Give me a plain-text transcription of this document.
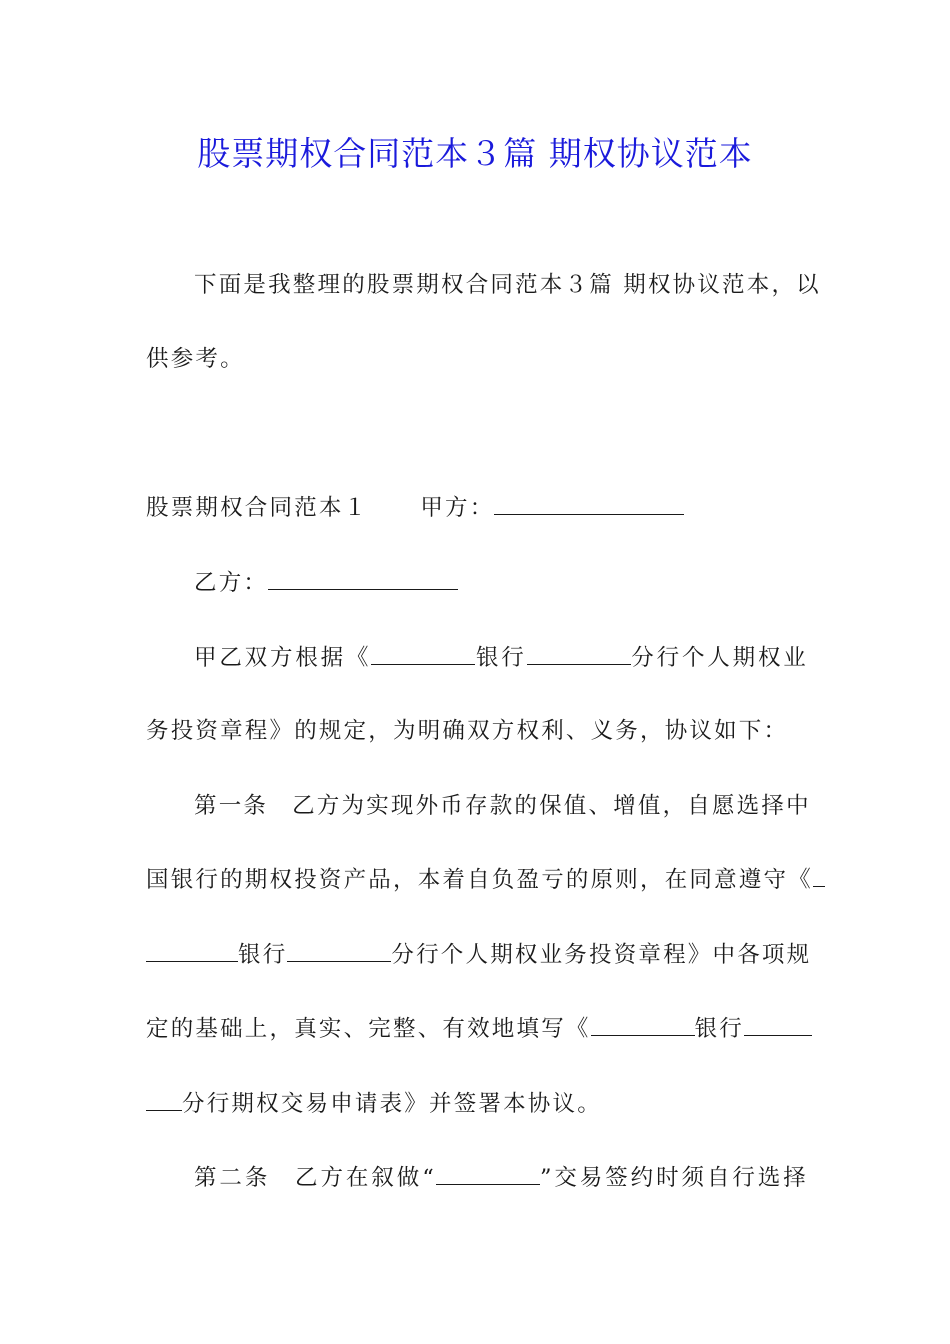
股票期权合同范本３篇 期权协议范本

下面是我整理的股票期权合同范本３篇 期权协议范本，以

供参考。

股票期权合同范本１ 甲方：

乙方：

甲乙双方根据《	银行	分行个人期权业

务投资章程》的规定，为明确双方权利、义务，协议如下：

第一条 乙方为实现外币存款的保值、增值，自愿选择中

国银行的期权投资产品，本着自负盈亏的原则，在同意遵守《

银行	分行个人期权业务投资章程》中各项规

定的基础上，真实、完整、有效地填写《	银行

分行期权交易申请表》并签署本协议。

第二条 乙方在叙做“	”交易签约时须自行选择
